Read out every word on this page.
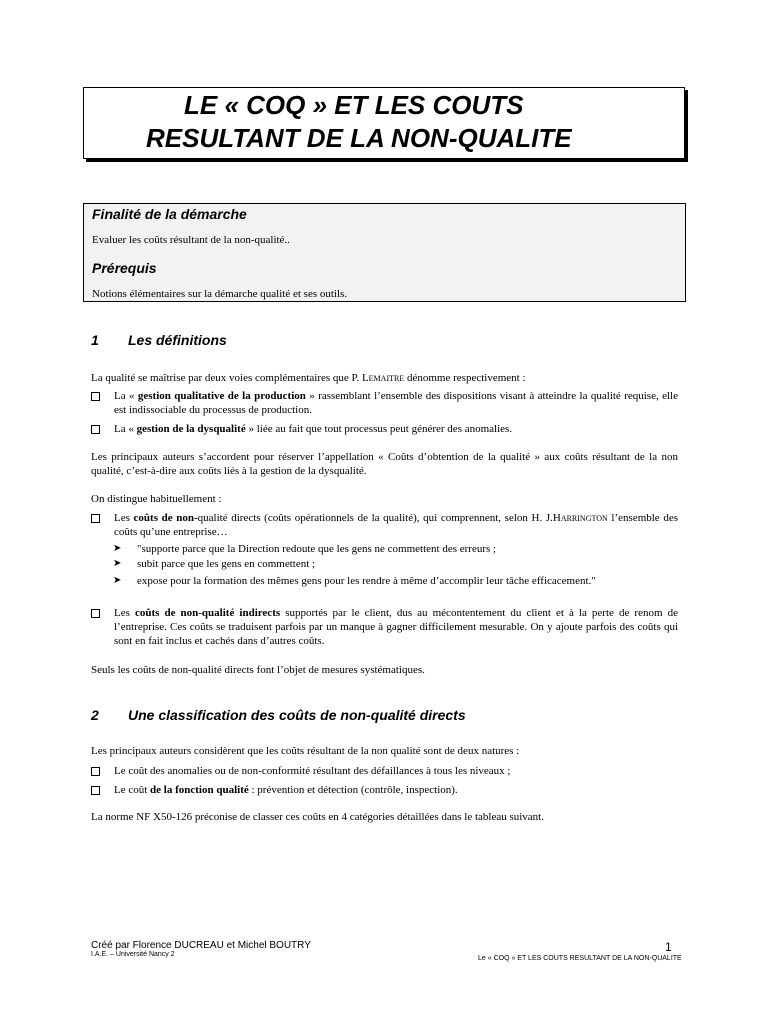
LE « COQ » ET LES COUTS
RESULTANT DE LA NON-QUALITE
Finalité de la démarche
Evaluer les coûts résultant de la non-qualité..
Prérequis
Notions élémentaires sur la démarche qualité et ses outils.
1 Les définitions
La qualité se maîtrise par deux voies complémentaires que P. Lemaitre dénomme respectivement :
La « gestion qualitative de la production » rassemblant l’ensemble des dispositions visant à atteindre la qualité requise, elle est indissociable du processus de production.
La « gestion de la dysqualité » liée au fait que tout processus peut générer des anomalies.
Les principaux auteurs s’accordent pour réserver l’appellation « Coûts d’obtention de la qualité » aux coûts résultant de la non qualité, c’est-à-dire aux coûts liés à la gestion de la dysqualité.
On distingue habituellement :
Les coûts de non-qualité directs (coûts opérationnels de la qualité), qui comprennent, selon H. J.Harrington l’ensemble des coûts qu’une entreprise…
➤ "supporte parce que la Direction redoute que les gens ne commettent des erreurs ;
➤ subit parce que les gens en commettent ;
➤ expose pour la formation des mêmes gens pour les rendre à même d’accomplir leur tâche efficacement."
Les coûts de non-qualité indirects supportés par le client, dus au mécontentement du client et à la perte de renom de l’entreprise. Ces coûts se traduisent parfois par un manque à gagner difficilement mesurable. On y ajoute parfois des coûts qui sont en fait inclus et cachés dans d’autres coûts.
Seuls les coûts de non-qualité directs font l’objet de mesures systématiques.
2 Une classification des coûts de non-qualité directs
Les principaux auteurs considèrent que les coûts résultant de la non qualité sont de deux natures :
Le coût des anomalies ou de non-conformité résultant des défaillances à tous les niveaux ;
Le coût de la fonction qualité : prévention et détection (contrôle, inspection).
La norme NF X50-126 préconise de classer ces coûts en 4 catégories détaillées dans le tableau suivant.
Créé par Florence DUCREAU et Michel BOUTRY
I.A.E. – Université Nancy 2
1
Le « COQ » ET LES COUTS RESULTANT DE LA NON-QUALITE
